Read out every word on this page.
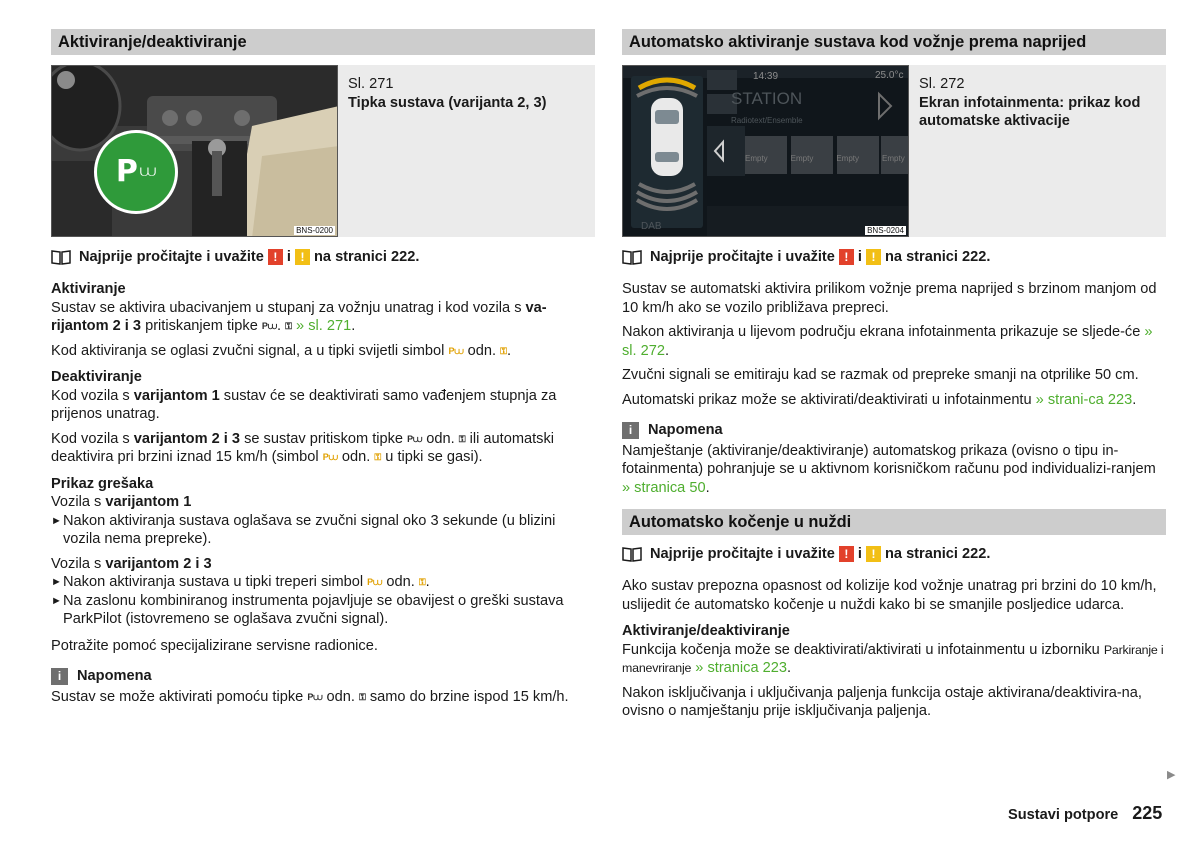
Aktiviranje/deaktiviranje
P ⩊
BNS-0200
Sl. 271
Tipka sustava (varijanta 2, 3)
Najprije pročitajte i uvažite ! i ! na stranici 222.
Aktiviranje
Sustav se aktivira ubacivanjem u stupanj za vožnju unatrag i kod vozila s va-
rijantom 2 i 3 pritiskanjem tipke P⩊. ⚿ » sl. 271.

Kod aktiviranja se oglasi zvučni signal, a u tipki svijetli simbol P⩊ odn. ⚿.

Deaktiviranje
Kod vozila s varijantom 1 sustav će se deaktivirati samo vađenjem stupnja za prijenos unatrag.

Kod vozila s varijantom 2 i 3 se sustav pritiskom tipke P⩊ odn. ⚿ ili automatski deaktivira pri brzini iznad 15 km/h (simbol P⩊ odn. ⚿ u tipki se gasi).

Prikaz grešaka
Vozila s varijantom 1
► Nakon aktiviranja sustava oglašava se zvučni signal oko 3 sekunde (u blizini vozila nema prepreke).

Vozila s varijantom 2 i 3

► Nakon aktiviranja sustava u tipki treperi simbol P⩊ odn. ⚿.
► Na zaslonu kombiniranog instrumenta pojavljuje se obavijest o greški sustava ParkPilot (istovremeno se oglašava zvučni signal).

Potražite pomoć specijalizirane servisne radionice.

i	Napomena
Sustav se može aktivirati pomoću tipke P⩊ odn. ⚿ samo do brzine ispod 15 km/h.
Automatsko aktiviranje sustava kod vožnje prema naprijed
14:39	25.0°c
STATION
Radiotext/Ensemble
Empty	Empty	Empty	Empty
DAB	BNS-0204
Sl. 272
Ekran infotainmenta: prikaz kod automatske aktivacije
Najprije pročitajte i uvažite ! i ! na stranici 222.

Sustav se automatski aktivira prilikom vožnje prema naprijed s brzinom manjom od 10 km/h ako se vozilo približava prepreci.

Nakon aktiviranja u lijevom području ekrana infotainmenta prikazuje se sljede-će » sl. 272.

Zvučni signali se emitiraju kad se razmak od prepreke smanji na otprilike 50 cm.

Automatski prikaz može se aktivirati/deaktivirati u infotainmentu » strani-ca 223.

i	Napomena
Namještanje (aktiviranje/deaktiviranje) automatskog prikaza (ovisno o tipu in-fotainmenta) pohranjuje se u aktivnom korisničkom računu pod individualizi-ranjem » stranica 50.
Automatsko kočenje u nuždi
Najprije pročitajte i uvažite ! i ! na stranici 222.

Ako sustav prepozna opasnost od kolizije kod vožnje unatrag pri brzini do 10 km/h, uslijedit će automatsko kočenje u nuždi kako bi se smanjile posljedice udarca.

Aktiviranje/deaktiviranje
Funkcija kočenja može se deaktivirati/aktivirati u infotainmentu u izborniku Parkiranje i manevriranje » stranica 223.

Nakon isključivanja i uključivanja paljenja funkcija ostaje aktivirana/deaktivira-na, ovisno o namještanju prije isključivanja paljenja.

▶
Sustavi potpore 225
